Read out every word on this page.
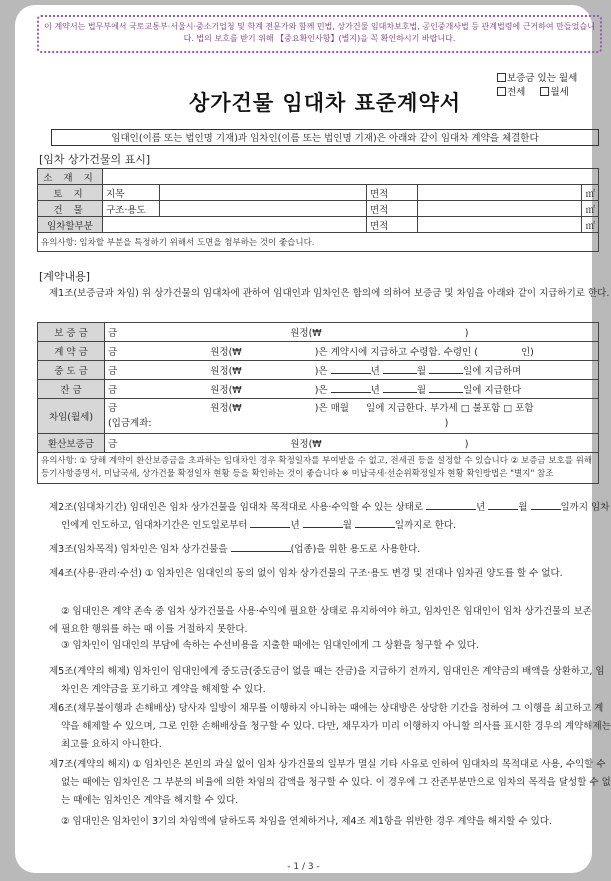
이 계약서는 법무부에서 국토교통부·서울시·중소기업청 및 학계 전문가와 함께 민법, 상가건물 임대차보호법, 공인중개사법 등 관계법령에 근거하여 만들었습니다. 법의 보호를 받기 위해 【중요확인사항】(별지)을 꼭 확인하시기 바랍니다.
보증금 있는 월세
전세	월세
상가건물 임대차 표준계약서
임대인(이름 또는 법인명 기재)과 임차인(이름 또는 법인명 기재)은 아래와 같이 임대차 계약을 체결한다
[임차 상가건물의 표시]
소 재 지					
토 지	지목		면적		㎡
건 물	구조·용도		면적		㎡
임차할부분			면적		㎡
유의사항: 임차할 부분을 특정하기 위해서 도면을 첨부하는 것이 좋습니다.					
[계약내용]
제1조(보증금과 차임) 위 상가건물의 임대차에 관하여 임대인과 임차인은 합의에 의하여 보증금 및 차임을 아래와 같이 지급하기로 한다.
보 증 금	금 원정(₩ )
계 약 금	금 원정(₩ )은 계약시에 지급하고 수령함. 수령인 ( 인)
중 도 금	금 원정(₩ )은 년 월 일에 지급하며
잔 금	금 원정(₩ )은 년 월 일에 지급한다
차임(월세)	금 원정(₩ )은 매월 일에 지급한다. 부가세 □ 불포함 □ 포함
(입금계좌: )
환산보증금	금 원정(₩ )
유의사항: ① 당해 계약이 환산보증금을 초과하는 임대차인 경우 확정일자를 부여받을 수 없고, 전세권 등을 설정할 수 있습니다 ② 보증금 보호를 위해 등기사항증명서, 미납국세, 상가건물 확정일자 현황 등을 확인하는 것이 좋습니다 ※ 미납국세·선순위확정일자 현황 확인방법은 "별지" 참조	
제2조(임대차기간) 임대인은 임차 상가건물을 임대차 목적대로 사용·수익할 수 있는 상태로	년	월	일까지 임차인에게 인도하고, 임대차기간은 인도일로부터	년	월	일까지로 한다.
제3조(임차목적) 임차인은 임차 상가건물을	(업종)을 위한 용도로 사용한다.
제4조(사용·관리·수선) ① 임차인은 임대인의 동의 없이 임차 상가건물의 구조·용도 변경 및 전대나 임차권 양도를 할 수 없다.
② 임대인은 계약 존속 중 임차 상가건물을 사용·수익에 필요한 상태로 유지하여야 하고, 임차인은 임대인이 임차 상가건물의 보존에 필요한 행위를 하는 때 이를 거절하지 못한다.
③ 임차인이 임대인의 부담에 속하는 수선비용을 지출한 때에는 임대인에게 그 상환을 청구할 수 있다.
제5조(계약의 해제) 임차인이 임대인에게 중도금(중도금이 없을 때는 잔금)을 지급하기 전까지, 임대인은 계약금의 배액을 상환하고, 임차인은 계약금을 포기하고 계약을 해제할 수 있다.
제6조(채무불이행과 손해배상) 당사자 일방이 채무를 이행하지 아니하는 때에는 상대방은 상당한 기간을 정하여 그 이행을 최고하고 계약을 해제할 수 있으며, 그로 인한 손해배상을 청구할 수 있다. 다만, 채무자가 미리 이행하지 아니할 의사를 표시한 경우의 계약해제는 최고를 요하지 아니한다.
제7조(계약의 해지) ① 임차인은 본인의 과실 없이 임차 상가건물의 일부가 멸실 기타 사유로 인하여 임대차의 목적대로 사용, 수익할 수 없는 때에는 임차인은 그 부분의 비율에 의한 차임의 감액을 청구할 수 있다. 이 경우에 그 잔존부분만으로 임차의 목적을 달성할 수 없는 때에는 임차인은 계약을 해지할 수 있다.
② 임대인은 임차인이 3기의 차임액에 달하도록 차임을 연체하거나, 제4조 제1항을 위반한 경우 계약을 해지할 수 있다.
- 1 / 3 -
